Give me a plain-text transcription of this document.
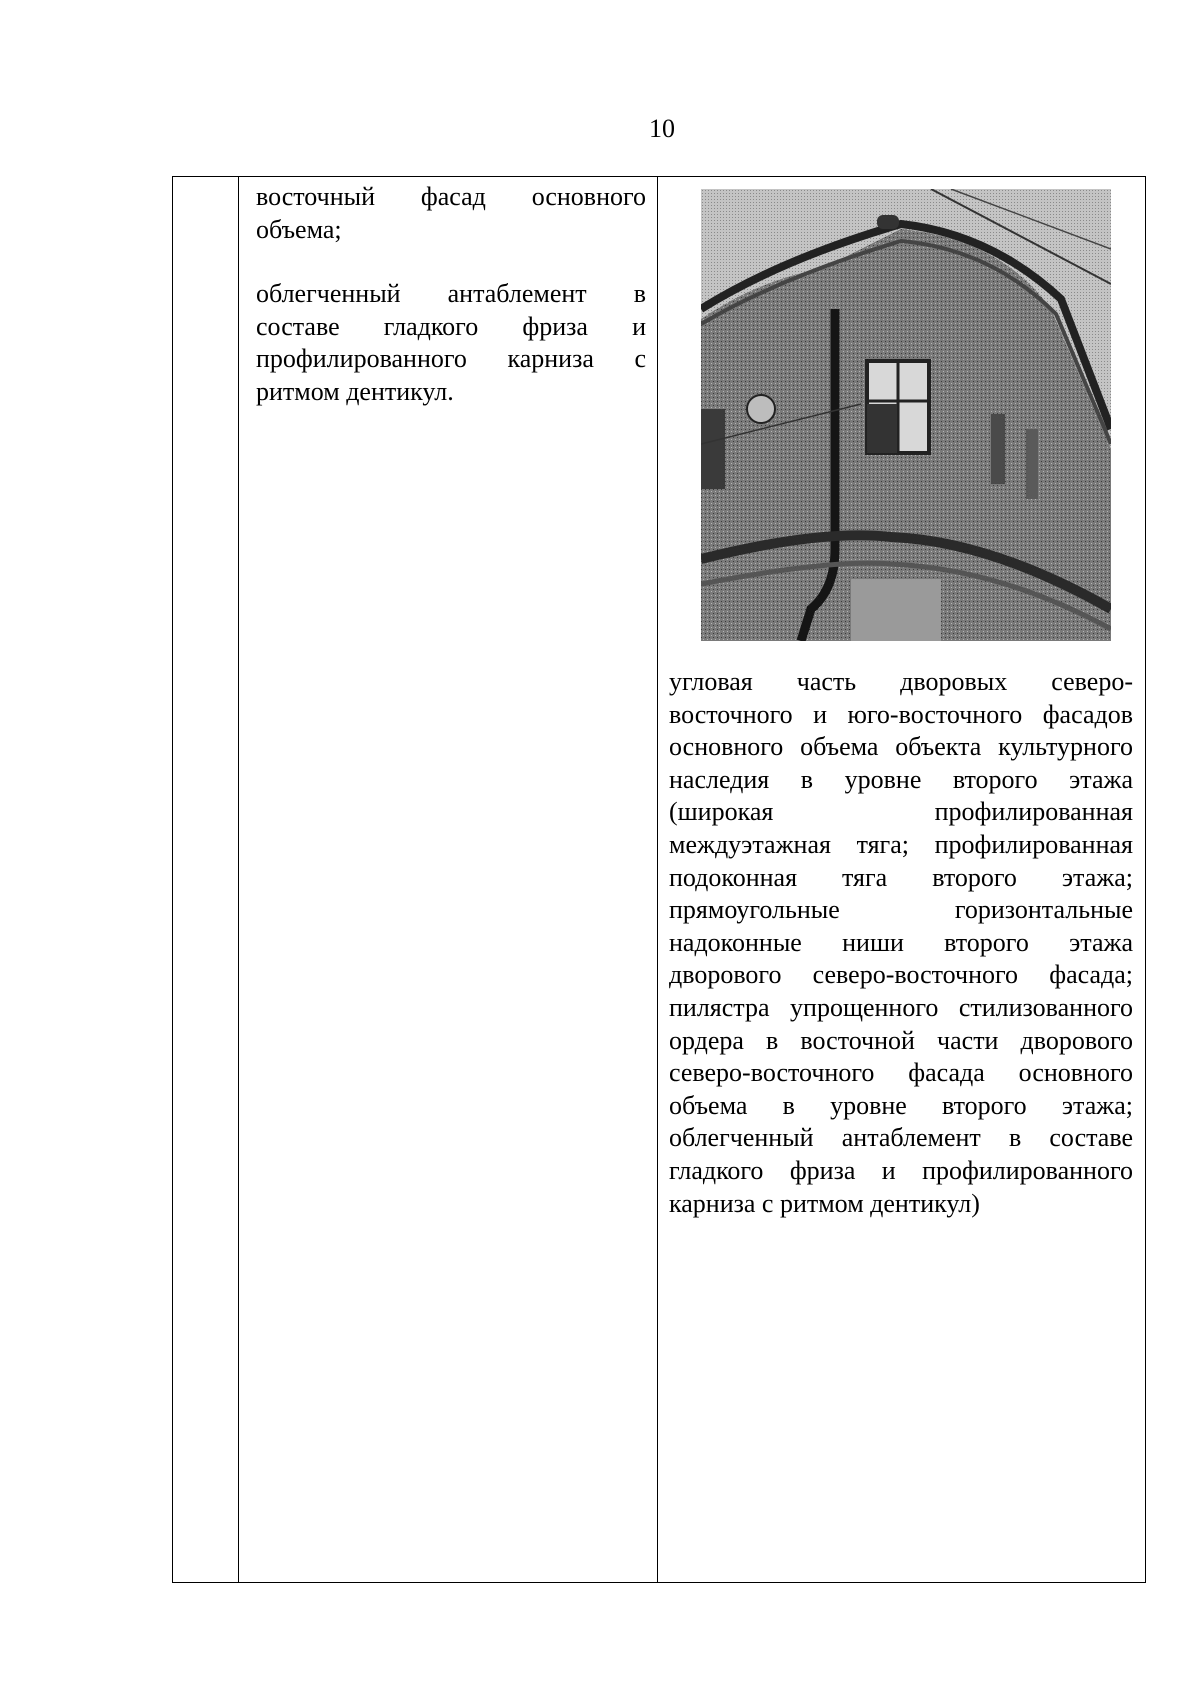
10

восточный фасад основного объема;

облегченный антаблемент в составе гладкого фриза и профилированного карниза с ритмом дентикул.

угловая часть дворовых северо-восточного и юго-восточного фасадов основного объема объекта культурного наследия в уровне второго этажа (широкая профилированная междуэтажная тяга; профилированная подоконная тяга второго этажа; прямоугольные горизонтальные надоконные ниши второго этажа дворового северо-восточного фасада; пилястра упрощенного стилизованного ордера в восточной части дворового северо-восточного фасада основного объема в уровне второго этажа; облегченный антаблемент в составе гладкого фриза и профилированного карниза с ритмом дентикул)
